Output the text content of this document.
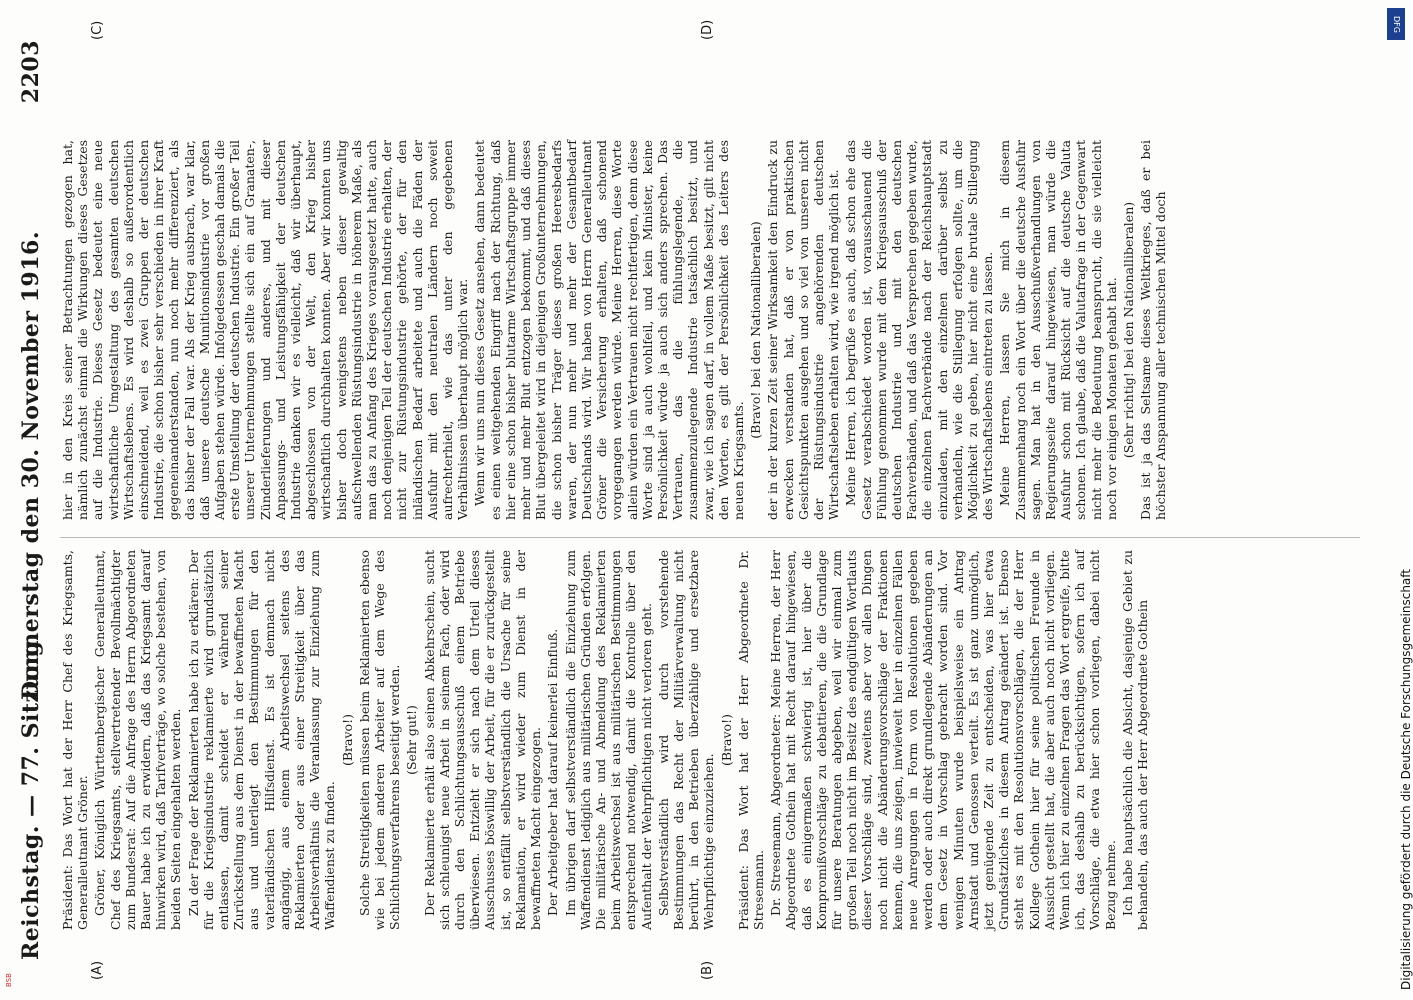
Reichstag. — 77. Sitzung.
Donnerstag den 30. November 1916.
2203
(A)	(B)
(C)	(D)

Präsident: Das Wort hat der Herr Chef des Kriegsamts, Generalleutnant Gröner. Gröner, Königlich Württembergischer Generalleutnant, Chef des Kriegsamts, stellvertretender Bevollmächtigter zum Bundesrat: Auf die Anfrage des Herrn Abgeordneten Bauer habe ich zu erwidern, daß das Kriegsamt darauf hinwirken wird, daß Tarifverträge, wo solche bestehen, von beiden Seiten eingehalten werden. Zu der Frage der Reklamierten habe ich zu erklären: Der für die Kriegsindustrie reklamierte wird grundsätzlich entlassen, damit scheidet er während seiner Zurückstellung aus dem Dienst in der bewaffneten Macht aus und unterliegt den Bestimmungen für den vaterländischen Hilfsdienst. Es ist demnach nicht angängig, aus einem Arbeitswechsel seitens des Reklamierten oder aus einer Streitigkeit über das Arbeitsverhältnis die Veranlassung zur Einziehung zum Waffendienst zu finden.

(Bravo!) Solche Streitigkeiten müssen beim Reklamierten ebenso wie bei jedem anderen Arbeiter auf dem Wege des Schlichtungsverfahrens beseitigt werden. (Sehr gut!) Der Reklamierte erhält also seinen Abkehrschein, sucht sich schleunigst neue Arbeit in seinem Fach, oder wird durch den Schlichtungsausschuß einem Betriebe überwiesen. Entzieht er sich nach dem Urteil dieses Ausschusses böswillig der Arbeit, für die er zurückgestellt ist, so entfällt selbstverständlich die Ursache für seine Reklamation, er wird wieder zum Dienst in der bewaffneten Macht eingezogen. Der Arbeitgeber hat darauf keinerlei Einfluß. Im übrigen darf selbstverständlich die Einziehung zum Waffendienst lediglich aus militärischen Gründen erfolgen. Die militärische An- und Abmeldung des Reklamierten beim Arbeitswechsel ist aus militärischen Bestimmungen entsprechend notwendig, damit die Kontrolle über den Aufenthalt der Wehrpflichtigen nicht verloren geht. Selbstverständlich wird durch vorstehende Bestimmungen das Recht der Militärverwaltung nicht berührt, in den Betrieben überzählige und ersetzbare Wehrpflichtige einzuziehen.

(Bravo!) Präsident: Das Wort hat der Herr Abgeordnete Dr. Stresemann. Dr. Stresemann, Abgeordneter: Meine Herren, der Herr Abgeordnete Gothein hat mit Recht darauf hingewiesen, daß es einigermaßen schwierig ist, hier über die Kompromißvorschläge zu debattieren, die die Grundlage für unsere Beratungen abgeben, weil wir einmal zum großen Teil noch nicht im Besitz des endgültigen Wortlauts dieser Vorschläge sind, zweitens aber vor allen Dingen noch nicht die Abänderungsvorschläge der Fraktionen kennen, die uns zeigen, inwieweit hier in einzelnen Fällen neue Anregungen in Form von Resolutionen gegeben werden oder auch direkt grundlegende Abänderungen an dem Gesetz in Vorschlag gebracht worden sind. Vor wenigen Minuten wurde beispielsweise ein Antrag Arnstadt und Genossen verteilt. Es ist ganz unmöglich, jetzt genügende Zeit zu entscheiden, was hier etwa Grundsätzliches in diesem Antrag geändert ist. Ebenso steht es mit den Resolutionsvorschlägen, die der Herr Kollege Gothein hier für seine politischen Freunde in Aussicht gestellt hat, die aber auch noch nicht vorliegen. Wenn ich hier zu einzelnen Fragen das Wort ergreife, bitte ich, das deshalb zu berücksichtigen, sofern ich auf Vorschläge, die etwa hier schon vorliegen, dabei nicht Bezug nehme. Ich habe hauptsächlich die Absicht, dasjenige Gebiet zu behandeln, das auch der Herr Abgeordnete Gothein

hier in den Kreis seiner Betrachtungen gezogen hat, nämlich zunächst einmal die Wirkungen dieses Gesetzes auf die Industrie. Dieses Gesetz bedeutet eine neue wirtschaftliche Umgestaltung des gesamten deutschen Wirtschaftslebens. Es wird deshalb so außerordentlich einschneidend, weil es zwei Gruppen der deutschen Industrie, die schon bisher sehr verschieden in ihrer Kraft gegeneinanderstanden, nun noch mehr differenziert, als das bisher der Fall war. Als der Krieg ausbrach, war klar, daß unsere deutsche Munitionsindustrie vor großen Aufgaben stehen würde. Infolgedessen geschah damals die erste Umstellung der deutschen Industrie. Ein großer Teil unserer Unternehmungen stellte sich ein auf Granaten-, Zünderlieferungen und anderes, und mit dieser Anpassungs- und Leistungsfähigkeit der deutschen Industrie danken wir es vielleicht, daß wir überhaupt, abgeschlossen von der Welt, den Krieg bisher wirtschaftlich durchhalten konnten. Aber wir konnten uns bisher doch wenigstens neben dieser gewaltig aufschwellenden Rüstungsindustrie in höherem Maße, als man das zu Anfang des Krieges vorausgesetzt hatte, auch noch denjenigen Teil der deutschen Industrie erhalten, der nicht zur Rüstungsindustrie gehörte, der für den inländischen Bedarf arbeitete und auch die Fäden der Ausfuhr mit den neutralen Ländern noch soweit aufrechterhielt, wie das unter den gegebenen Verhältnissen überhaupt möglich war. Wenn wir uns nun dieses Gesetz ansehen, dann bedeutet es einen weitgehenden Eingriff nach der Richtung, daß hier eine schon bisher blutarme Wirtschaftsgruppe immer mehr und mehr Blut entzogen bekommt, und daß dieses Blut übergeleitet wird in diejenigen Großunternehmungen, die schon bisher Träger dieses großen Heeresbedarfs waren, der nun mehr und mehr der Gesamtbedarf Deutschlands wird. Wir haben von Herrn Generalleutnant Gröner die Versicherung erhalten, daß schonend vorgegangen werden würde. Meine Herren, diese Worte allein würden ein Vertrauen nicht rechtfertigen, denn diese Worte sind ja auch wohlfeil, und kein Minister, keine Persönlichkeit würde ja auch sich anders sprechen. Das Vertrauen, das die fühlungslegende, die zusammenzulegende Industrie tatsächlich besitzt, und zwar, wie ich sagen darf, in vollem Maße besitzt, gilt nicht den Worten, es gilt der Persönlichkeit des Leiters des neuen Kriegsamts.

(Bravo! bei den Nationalliberalen) der in der kurzen Zeit seiner Wirksamkeit den Eindruck zu erwecken verstanden hat, daß er von praktischen Gesichtspunkten ausgehen und so viel von unseren nicht der Rüstungsindustrie angehörenden deutschen Wirtschaftsleben erhalten wird, wie irgend möglich ist. Meine Herren, ich begrüße es auch, daß schon ehe das Gesetz verabschiedet worden ist, vorausschauend die Fühlung genommen wurde mit dem Kriegsausschuß der deutschen Industrie und mit den deutschen Fachverbänden, und daß das Versprechen gegeben wurde, die einzelnen Fachverbände nach der Reichshauptstadt einzuladen, mit den einzelnen darüber selbst zu verhandeln, wie die Stillegung erfolgen sollte, um die Möglichkeit zu geben, hier nicht eine brutale Stillegung des Wirtschaftslebens eintreten zu lassen. Meine Herren, lassen Sie mich in diesem Zusammenhang noch ein Wort über die deutsche Ausfuhr sagen. Man hat in den Ausschußverhandlungen von Regierungsseite darauf hingewiesen, man würde die Ausfuhr schon mit Rücksicht auf die deutsche Valuta schonen. Ich glaube, daß die Valutafrage in der Gegenwart nicht mehr die Bedeutung beansprucht, die sie vielleicht noch vor einigen Monaten gehabt hat. (Sehr richtig! bei den Nationalliberalen) Das ist ja das Seltsame dieses Weltkrieges, daß er bei höchster Anspannung aller technischen Mittel doch

DFG
Digitalisierung gefördert durch die Deutsche Forschungsgemeinschaft
BSB
